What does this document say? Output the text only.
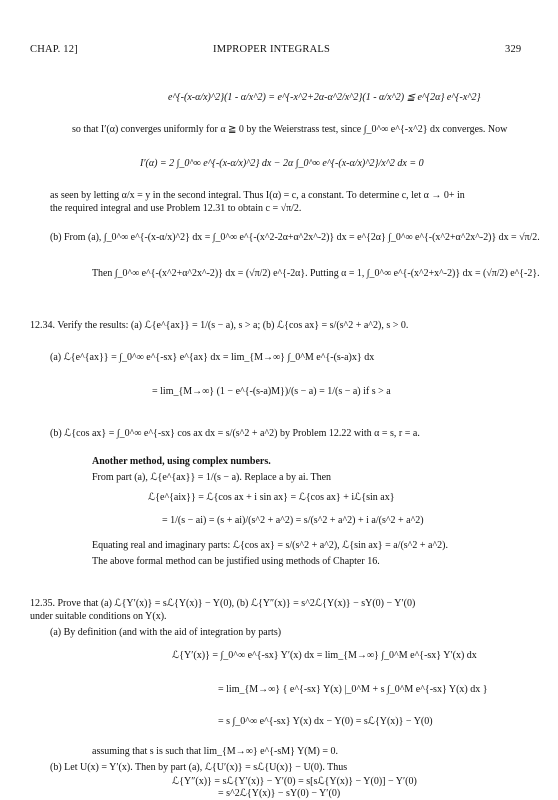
CHAP. 12]	IMPROPER INTEGRALS	329
e^{-(x-α/x)^2}(1 - α/x^2) = e^{-x^2+2α-α^2/x^2}(1 - α/x^2) ≦ e^{2α} e^{-x^2}
so that I′(α) converges uniformly for α ≧ 0 by the Weierstrass test, since ∫_0^∞ e^{-x^2} dx converges. Now
I′(α) = 2 ∫_0^∞ e^{-(x-α/x)^2} dx − 2α ∫_0^∞ e^{-(x-α/x)^2}/x^2 dx = 0
as seen by letting α/x = y in the second integral. Thus I(α) = c, a constant. To determine c, let α → 0+ in
the required integral and use Problem 12.31 to obtain c = √π/2.
(b) From (a), ∫_0^∞ e^{-(x-α/x)^2} dx = ∫_0^∞ e^{-(x^2-2α+α^2x^-2)} dx = e^{2α} ∫_0^∞ e^{-(x^2+α^2x^-2)} dx = √π/2.
Then ∫_0^∞ e^{-(x^2+α^2x^-2)} dx = (√π/2) e^{-2α}. Putting α = 1, ∫_0^∞ e^{-(x^2+x^-2)} dx = (√π/2) e^{-2}.
12.34. Verify the results: (a) ℒ{e^{ax}} = 1/(s − a), s > a; (b) ℒ{cos ax} = s/(s^2 + a^2), s > 0.
(a) ℒ{e^{ax}} = ∫_0^∞ e^{-sx} e^{ax} dx = lim_{M→∞} ∫_0^M e^{-(s-a)x} dx
= lim_{M→∞} (1 − e^{-(s-a)M})/(s − a) = 1/(s − a) if s > a
(b) ℒ{cos ax} = ∫_0^∞ e^{-sx} cos ax dx = s/(s^2 + a^2) by Problem 12.22 with α = s, r = a.
Another method, using complex numbers.
From part (a), ℒ{e^{ax}} = 1/(s − a). Replace a by ai. Then
ℒ{e^{aix}} = ℒ{cos ax + i sin ax} = ℒ{cos ax} + iℒ{sin ax}
= 1/(s − ai) = (s + ai)/(s^2 + a^2) = s/(s^2 + a^2) + i a/(s^2 + a^2)
Equating real and imaginary parts: ℒ{cos ax} = s/(s^2 + a^2), ℒ{sin ax} = a/(s^2 + a^2).
The above formal method can be justified using methods of Chapter 16.
12.35. Prove that (a) ℒ{Y′(x)} = sℒ{Y(x)} − Y(0), (b) ℒ{Y″(x)} = s^2ℒ{Y(x)} − sY(0) − Y′(0)
under suitable conditions on Y(x).
(a) By definition (and with the aid of integration by parts)
ℒ{Y′(x)} = ∫_0^∞ e^{-sx} Y′(x) dx = lim_{M→∞} ∫_0^M e^{-sx} Y′(x) dx
= lim_{M→∞} { e^{-sx} Y(x) |_0^M + s ∫_0^M e^{-sx} Y(x) dx }
= s ∫_0^∞ e^{-sx} Y(x) dx − Y(0) = sℒ{Y(x)} − Y(0)
assuming that s is such that lim_{M→∞} e^{-sM} Y(M) = 0.
(b) Let U(x) = Y′(x). Then by part (a), ℒ{U′(x)} = sℒ{U(x)} − U(0). Thus
ℒ{Y″(x)} = sℒ{Y′(x)} − Y′(0) = s[sℒ{Y(x)} − Y(0)] − Y′(0)
= s^2ℒ{Y(x)} − sY(0) − Y′(0)
